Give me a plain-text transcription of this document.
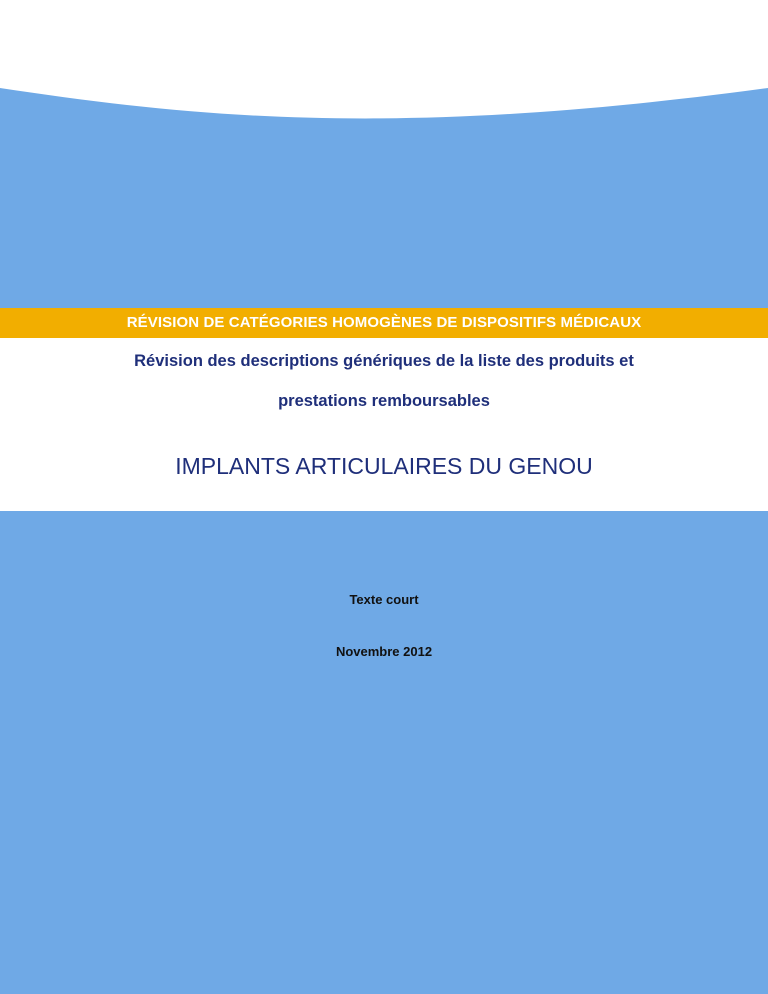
RÉVISION DE CATÉGORIES HOMOGÈNES DE DISPOSITIFS MÉDICAUX
Révision des descriptions génériques de la liste des produits et
prestations remboursables
IMPLANTS ARTICULAIRES DU GENOU
Texte court
Novembre 2012
